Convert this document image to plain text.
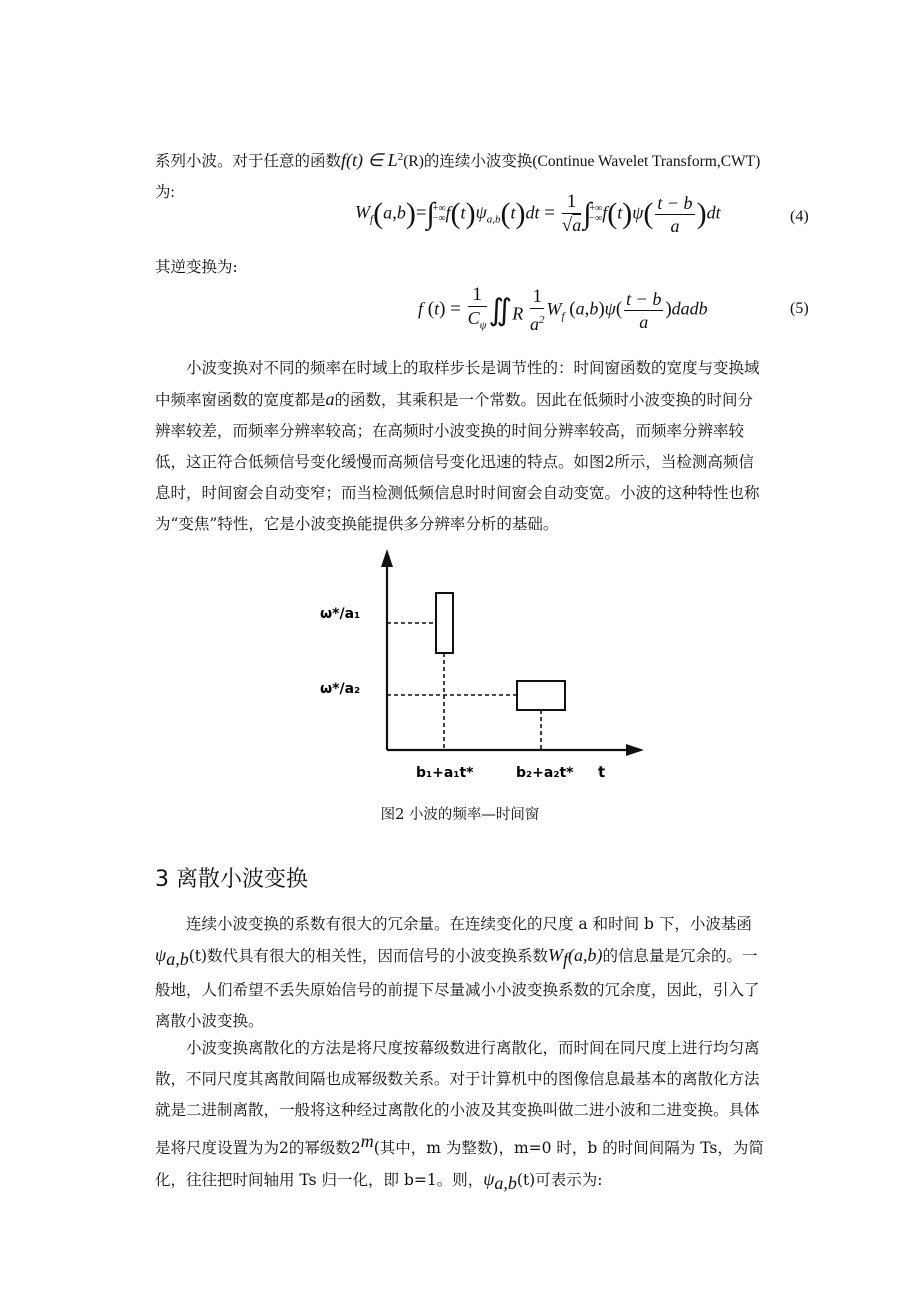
系列小波。对于任意的函数f(t) ∈ $L^2(R)$的连续小波变换(Continue Wavelet Transform,CWT)为:
$W_f(a,b)=\int+\infty$
$-\infty f(t)\psi_{a,b}(t)dt = \frac{1}{√a}$ ∫+∞
$-\infty f(t)\psi( \frac{t - b}{a} )dt$	(4)
其逆变换为:
f $(t) = \frac{1}{C_\psi}$ $∬_R \frac{1}{a^2} W_f$ $(a,b)\psi( \frac{t - b}{a}$ )dadb	(5)
小波变换对不同的频率在时域上的取样步长是调节性的：时间窗函数的宽度与变换域中频率窗函数的宽度都是a的函数，其乘积是一个常数。因此在低频时小波变换的时间分辨率较差，而频率分辨率较高；在高频时小波变换的时间分辨率较高，而频率分辨率较低，这正符合低频信号变化缓慢而高频信号变化迅速的特点。如图2所示，当检测高频信息时，时间窗会自动变窄；而当检测低频信息时时间窗会自动变宽。小波的这种特性也称为“变焦”特性，它是小波变换能提供多分辨率分析的基础。
ω*/a₁
ω*/a₂
b₁+a₁t*	b₂+a₂t* t
图2 小波的频率—时间窗
3 离散小波变换
连续小波变换的系数有很大的冗余量。在连续变化的尺度 a 和时间 b 下，小波基函$\psi_{a,b}(t)$数代具有很大的相关性，因而信号的小波变换系数$W_f(a,b)$的信息量是冗余的。一般地，人们希望不丢失原始信号的前提下尽量减小小波变换系数的冗余度，因此，引入了离散小波变换。
小波变换离散化的方法是将尺度按幕级数进行离散化，而时间在同尺度上进行均匀离散，不同尺度其离散间隔也成幂级数关系。对于计算机中的图像信息最基本的离散化方法就是二进制离散，一般将这种经过离散化的小波及其变换叫做二进小波和二进变换。具体是将尺度设置为为2的幂级数2$^m$(其中，m 为整数)，m=0 时，b 的时间间隔为 Ts，为简化，往往把时间轴用 Ts 归一化，即 b=1。则，$\psi_{a,b}(t)$可表示为:
